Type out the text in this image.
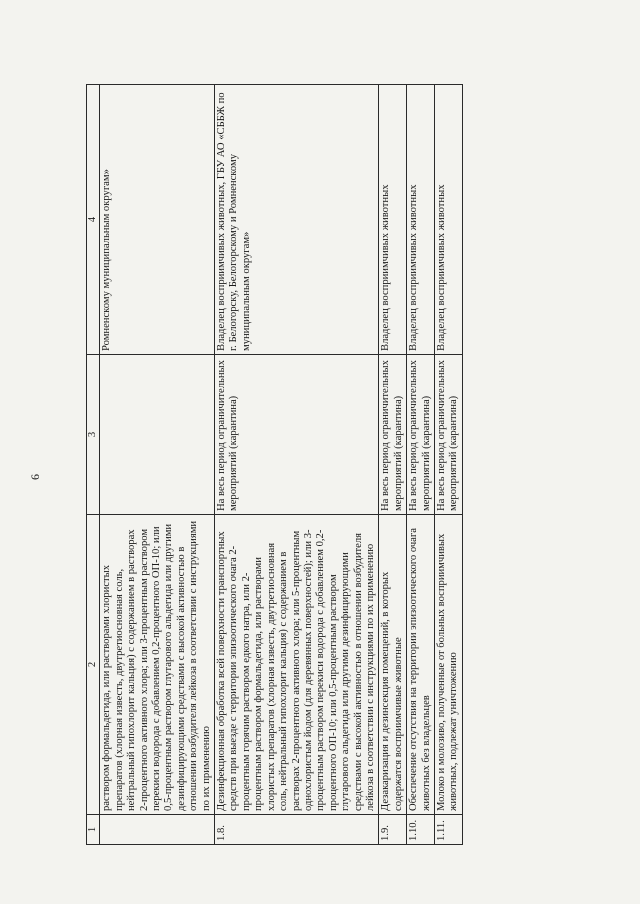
6
1	2	3	4
	раствором формальдегида, или растворами хлористых препаратов (хлорная известь, двутретиосновная соль, нейтральный гипохлорит кальция) с содержанием в растворах 2-процентного активного хлора; или 3-процентным раствором перекиси водорода с добавлением 0,2-процентного ОП-10; или 0,5-процентным раствором глутарового альдегида или другими дезинфицирующими средствами с высокой активностью в отношении возбудителя лейкоза в соответствии с инструкциями по их применению		Ромненскому муниципальным округам»
1.8.	Дезинфекционная обработка всей поверхности транспортных средств при выезде с территории эпизоотического очага 2-процентным горячим раствором едкого натра, или 2-процентным раствором формальдегида, или растворами хлористых препаратов (хлорная известь, двутретиосновная соль, нейтральный гипохлорит кальция) с содержанием в растворах 2-процентного активного хлора; или 5-процентным однохлористым йодом (для деревянных поверхностей); или 3-процентным раствором перекиси водорода с добавлением 0,2-процентного ОП-10; или 0,5-процентным раствором глутарового альдегида или другими дезинфицирующими средствами с высокой активностью в отношении возбудителя лейкоза в соответствии с инструкциями по их применению	На весь период ограничительных мероприятий (карантина)	Владелец восприимчивых животных, ГБУ АО «СББЖ по г. Белогорску, Белогорскому и Ромненскому муниципальным округам»
1.9.	Дезакаризация и дезинсекция помещений, в которых содержатся восприимчивые животные	На весь период ограничительных мероприятий (карантина)	Владелец восприимчивых животных
1.10.	Обеспечение отсутствия на территории эпизоотического очага животных без владельцев	На весь период ограничительных мероприятий (карантина)	Владелец восприимчивых животных
1.11.	Молоко и молозиво, полученные от больных восприимчивых животных, подлежат уничтожению	На весь период ограничительных мероприятий (карантина)	Владелец восприимчивых животных
